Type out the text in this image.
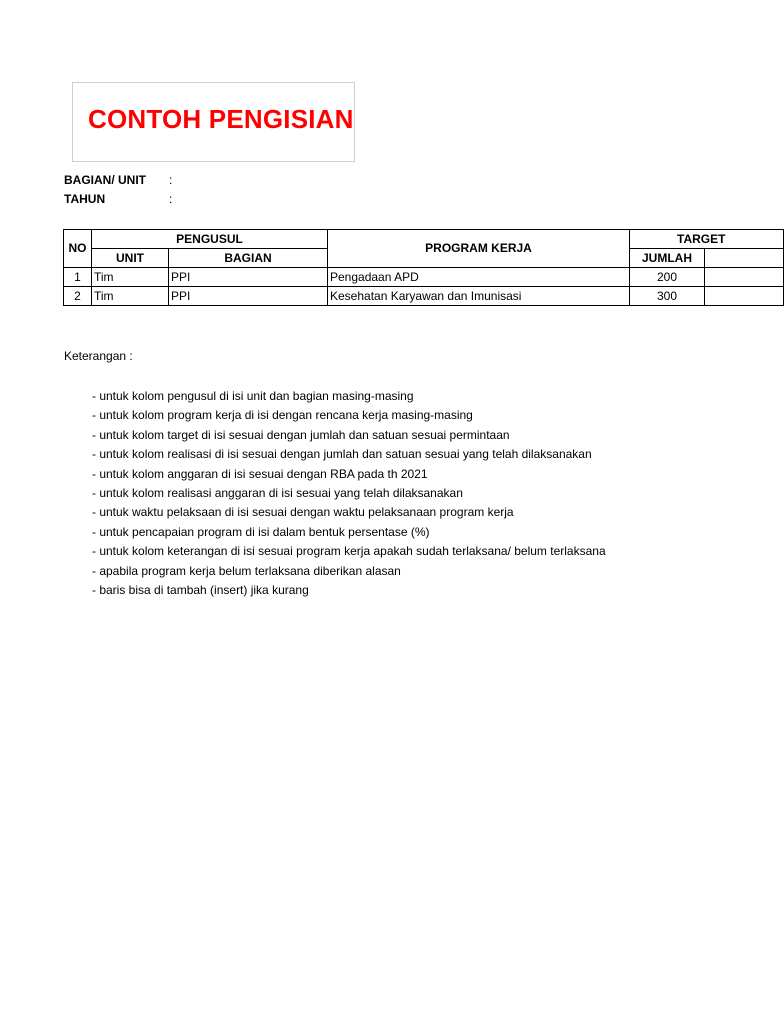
CONTOH PENGISIAN
BAGIAN/ UNIT :
TAHUN	:
NO	PENGUSUL		PROGRAM KERJA	TARGET	
	UNIT	BAGIAN		JUMLAH	
1	Tim	PPI	Pengadaan APD	200	
2	Tim	PPI	Kesehatan Karyawan dan Imunisasi	300	
Keterangan :
- untuk kolom pengusul di isi unit dan bagian masing-masing
- untuk kolom program kerja di isi dengan rencana kerja masing-masing
- untuk kolom target di isi sesuai dengan jumlah dan satuan sesuai permintaan
- untuk kolom realisasi di isi sesuai dengan jumlah dan satuan sesuai yang telah dilaksanakan
- untuk kolom anggaran di isi sesuai dengan RBA pada th 2021
- untuk kolom realisasi anggaran di isi sesuai yang telah dilaksanakan
- untuk waktu pelaksaan di isi sesuai dengan waktu pelaksanaan program kerja
- untuk pencapaian program di isi dalam bentuk persentase (%)
- untuk kolom keterangan di isi sesuai program kerja apakah sudah terlaksana/ belum terlaksana
- apabila program kerja belum terlaksana diberikan alasan
- baris bisa di tambah (insert) jika kurang
